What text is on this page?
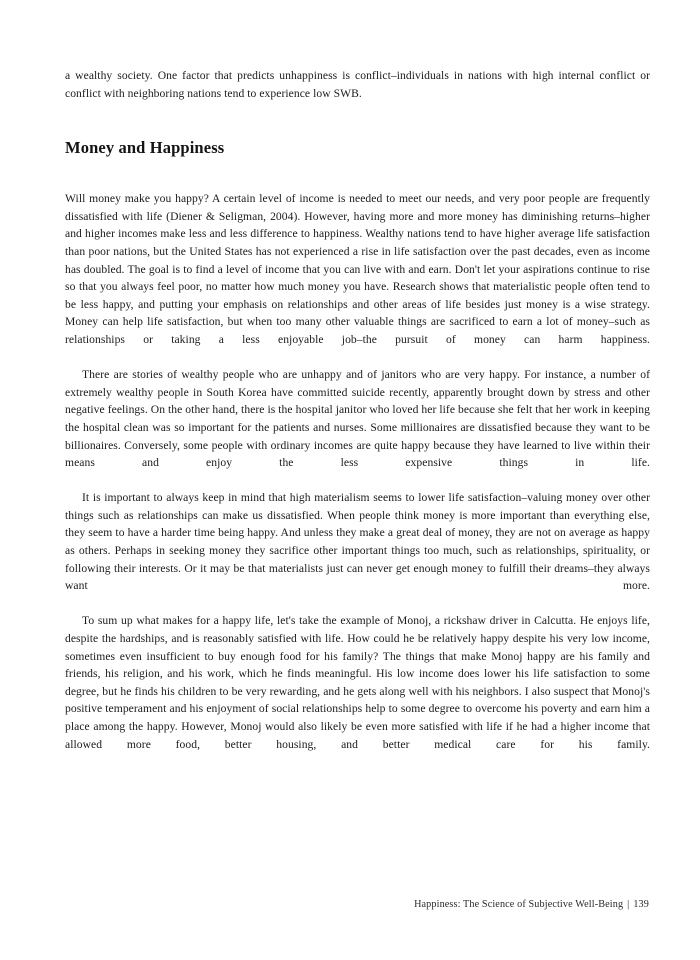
a wealthy society. One factor that predicts unhappiness is conflict–individuals in nations with high internal conflict or conflict with neighboring nations tend to experience low SWB.

Money and Happiness

Will money make you happy? A certain level of income is needed to meet our needs, and very poor people are frequently dissatisfied with life (Diener & Seligman, 2004). However, having more and more money has diminishing returns–higher and higher incomes make less and less difference to happiness. Wealthy nations tend to have higher average life satisfaction than poor nations, but the United States has not experienced a rise in life satisfaction over the past decades, even as income has doubled. The goal is to find a level of income that you can live with and earn. Don't let your aspirations continue to rise so that you always feel poor, no matter how much money you have. Research shows that materialistic people often tend to be less happy, and putting your emphasis on relationships and other areas of life besides just money is a wise strategy. Money can help life satisfaction, but when too many other valuable things are sacrificed to earn a lot of money–such as relationships or taking a less enjoyable job–the pursuit of money can harm happiness.

There are stories of wealthy people who are unhappy and of janitors who are very happy. For instance, a number of extremely wealthy people in South Korea have committed suicide recently, apparently brought down by stress and other negative feelings. On the other hand, there is the hospital janitor who loved her life because she felt that her work in keeping the hospital clean was so important for the patients and nurses. Some millionaires are dissatisfied because they want to be billionaires. Conversely, some people with ordinary incomes are quite happy because they have learned to live within their means and enjoy the less expensive things in life.

It is important to always keep in mind that high materialism seems to lower life satisfaction–valuing money over other things such as relationships can make us dissatisfied. When people think money is more important than everything else, they seem to have a harder time being happy. And unless they make a great deal of money, they are not on average as happy as others. Perhaps in seeking money they sacrifice other important things too much, such as relationships, spirituality, or following their interests. Or it may be that materialists just can never get enough money to fulfill their dreams–they always want more.

To sum up what makes for a happy life, let's take the example of Monoj, a rickshaw driver in Calcutta. He enjoys life, despite the hardships, and is reasonably satisfied with life. How could he be relatively happy despite his very low income, sometimes even insufficient to buy enough food for his family? The things that make Monoj happy are his family and friends, his religion, and his work, which he finds meaningful. His low income does lower his life satisfaction to some degree, but he finds his children to be very rewarding, and he gets along well with his neighbors. I also suspect that Monoj's positive temperament and his enjoyment of social relationships help to some degree to overcome his poverty and earn him a place among the happy. However, Monoj would also likely be even more satisfied with life if he had a higher income that allowed more food, better housing, and better medical care for his family.

Happiness: The Science of Subjective Well-Being | 139
